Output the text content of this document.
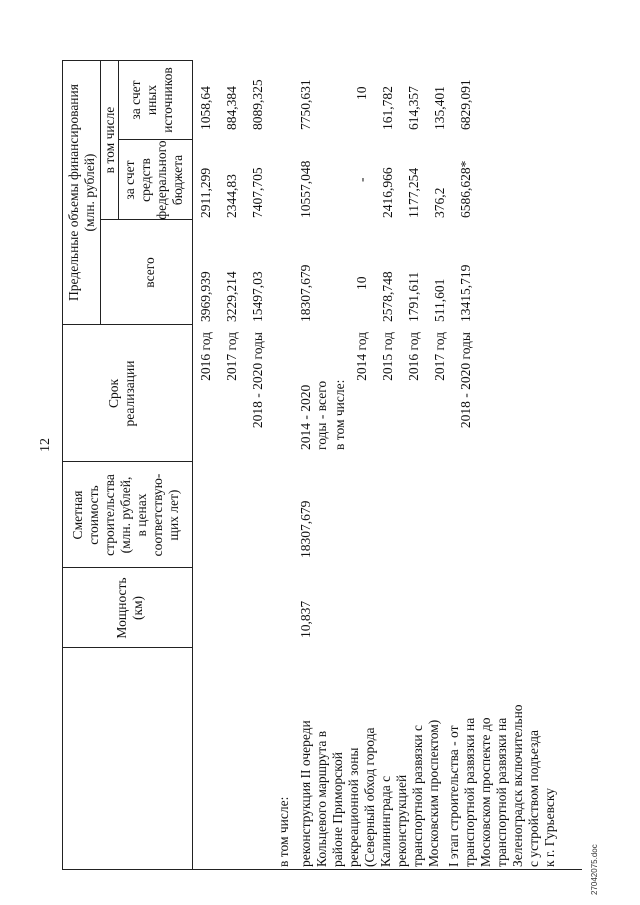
12
Мощность (км)
Сметная стоимость строительства (млн. рублей, в ценах соответствую- щих лет)
Срок реализации
Предельные объемы финансирования (млн. рублей)
всего
в том числе
за счет средств федерального бюджета
за счет иных источников
2016 год
3969,939
2911,299
1058,64
2017 год
3229,214
2344,83
884,384
2018 - 2020 годы
15497,03
7407,705
8089,325
в том числе: реконструкция II очереди Кольцевого маршрута в районе Приморской рекреационной зоны (Северный обход города Калининграда с реконструкцией транспортной развязки с Московским проспектом)
10,837
18307,679
2014 - 2020 годы - всего
18307,679
10557,048
7750,631
в том числе:
2014 год
10
-
10
2015 год
2578,748
2416,966
161,782
2016 год
1791,611
1177,254
614,357
2017 год
511,601
376,2
135,401
I этап строительства - от транспортной развязки на Московском проспекте до транспортной развязки на Зеленоградск включительно с устройством подъезда к г. Гурьевску
2018 - 2020 годы
13415,719
6586,628*
6829,091
27042075.doc
